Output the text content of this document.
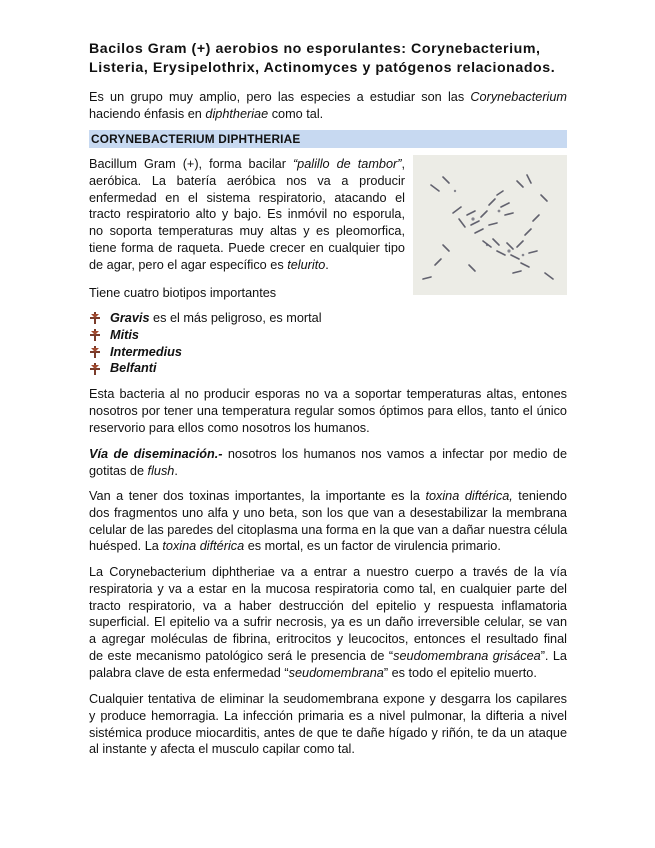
Bacilos Gram (+) aerobios no esporulantes: Corynebacterium,
Listeria, Erysipelothrix, Actinomyces y patógenos relacionados.
Es un grupo muy amplio, pero las especies a estudiar son las Corynebacterium
haciendo énfasis en diphtheriae como tal.
CORYNEBACTERIUM DIPHTHERIAE
Bacillum Gram (+), forma bacilar “palillo de tambor”,
aeróbica. La batería aeróbica nos va a producir
enfermedad en el sistema respiratorio, atacando el
tracto respiratorio alto y bajo. Es inmóvil no esporula,
no soporta temperaturas muy altas y es pleomorfica,
tiene forma de raqueta. Puede crecer en cualquier tipo
de agar, pero el agar específico es telurito.
Tiene cuatro biotipos importantes
Gravis es el más peligroso, es mortal
Mitis
Intermedius
Belfanti
Esta bacteria al no producir esporas no va a soportar temperaturas altas, entones
nosotros por tener una temperatura regular somos óptimos para ellos, tanto el único
reservorio para ellos como nosotros los humanos.
Vía de diseminación.- nosotros los humanos nos vamos a infectar por medio de
gotitas de flush.
Van a tener dos toxinas importantes, la importante es la toxina diftérica, teniendo
dos fragmentos uno alfa y uno beta, son los que van a desestabilizar la membrana
celular de las paredes del citoplasma una forma en la que van a dañar nuestra célula
huésped. La toxina diftérica es mortal, es un factor de virulencia primario.
La Corynebacterium diphtheriae va a entrar a nuestro cuerpo a través de la vía
respiratoria y va a estar en la mucosa respiratoria como tal, en cualquier parte del
tracto respiratorio, va a haber destrucción del epitelio y respuesta inflamatoria
superficial. El epitelio va a sufrir necrosis, ya es un daño irreversible celular, se van
a agregar moléculas de fibrina, eritrocitos y leucocitos, entonces el resultado final
de este mecanismo patológico será le presencia de “seudomembrana grisácea”. La
palabra clave de esta enfermedad “seudomembrana” es todo el epitelio muerto.
Cualquier tentativa de eliminar la seudomembrana expone y desgarra los capilares
y produce hemorragia. La infección primaria es a nivel pulmonar, la difteria a nivel
sistémica produce miocarditis, antes de que te dañe hígado y riñón, te da un ataque
al instante y afecta el musculo capilar como tal.
